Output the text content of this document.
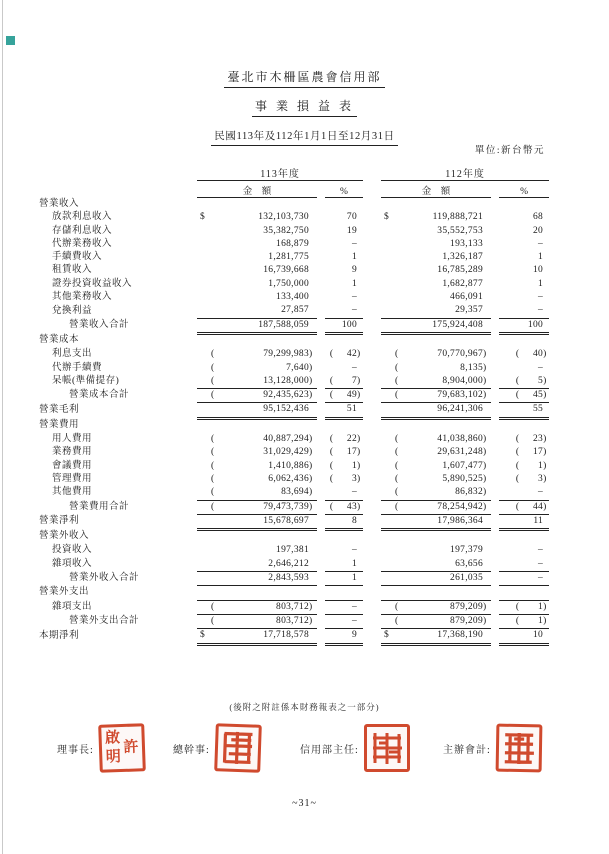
臺北市木柵區農會信用部
事 業 損 益 表
民國113年及112年1月1日至12月31日
單位:新台幣元
	113年度				112年度		
	金　額		%		金　額		%
營業收入	

放款利息收入	$ 132,103,730		70		$ 119,888,721		68

存儲利息收入	35,382,750		19		35,552,753		20

代辦業務收入	168,879		–		193,133		–

手續費收入	1,281,775		1		1,326,187		1

租賃收入	16,739,668		9		16,785,289		10

證券投資收益收入	1,750,000		1		1,682,877		1

其他業務收入	133,400		–		466,091		–

兌換利益	27,857		–		29,357		–

營業收入合計	187,588,059		100		175,924,408		100

營業成本	

利息支出	( 79,299,983 )		( 42 )		( 70,770,967 )		( 40 )

代辦手續費	( 7,640 )		–		( 8,135 )		–

呆帳(準備提存)	( 13,128,000 )		( 7 )		( 8,904,000 )		( 5 )

營業成本合計	( 92,435,623 )		( 49 )		( 79,683,102 )		( 45 )

營業毛利	95,152,436		51		96,241,306		55

營業費用	

用人費用	( 40,887,294 )		( 22 )		( 41,038,860 )		( 23 )

業務費用	( 31,029,429 )		( 17 )		( 29,631,248 )		( 17 )

會議費用	( 1,410,886 )		( 1 )		( 1,607,477 )		( 1 )

管理費用	( 6,062,436 )		( 3 )		( 5,890,525 )		( 3 )

其他費用	( 83,694 )		–		( 86,832 )		–

營業費用合計	( 79,473,739 )		( 43 )		( 78,254,942 )		( 44 )

營業淨利	15,678,697		8		17,986,364		11

營業外收入	

投資收入	197,381		–		197,379		–

雜項收入	2,646,212		1		63,656		–

營業外收入合計	2,843,593		1		261,035		–

營業外支出	

雜項支出	( 803,712 )		–		( 879,209 )		( 1 )

營業外支出合計	( 803,712 )		–		( 879,209 )		( 1 )

本期淨利	$ 17,718,578		9		$ 17,368,190		10
(後附之附註係本財務報表之一部分)
理事長: 許
啟
明	總幹事:	信用部主任:	主辦會計:
~31~
